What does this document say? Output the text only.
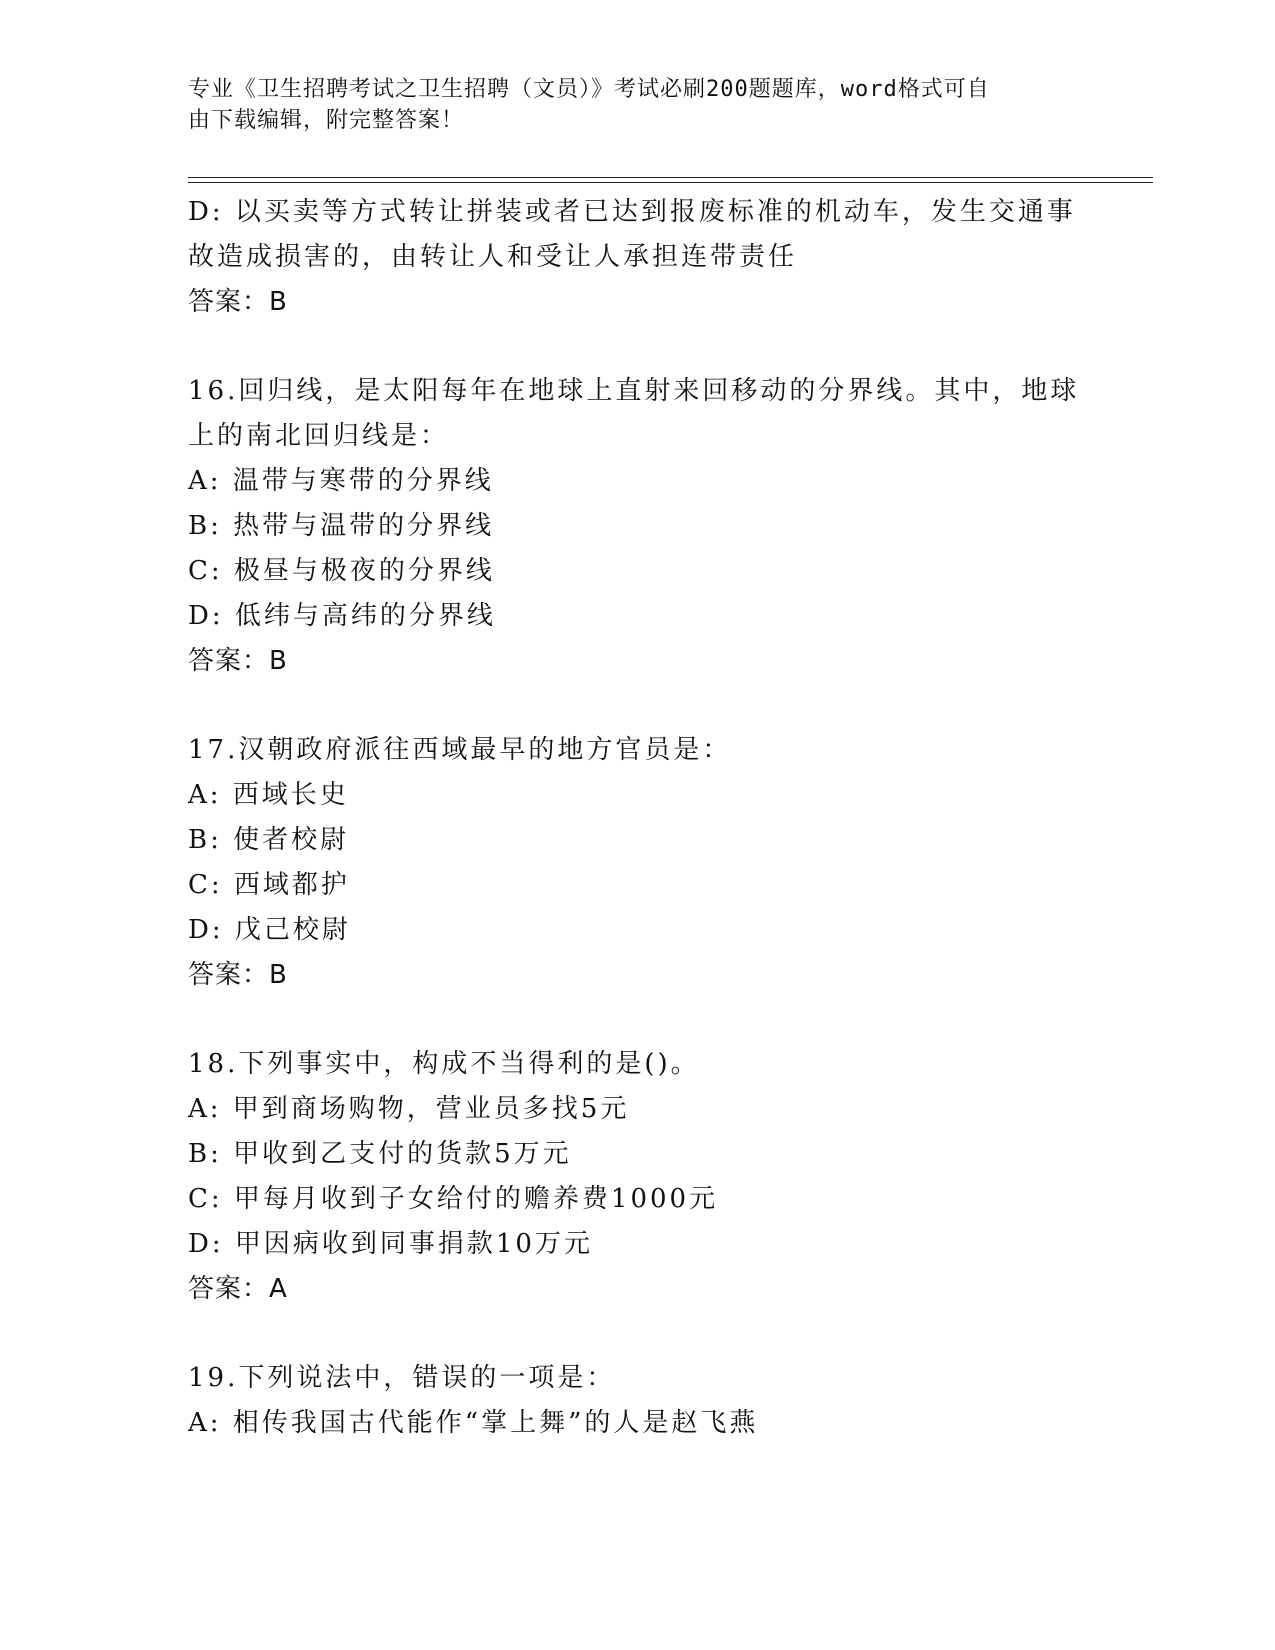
专业《卫生招聘考试之卫生招聘（文员）》考试必刷200题题库，word格式可自
由下载编辑，附完整答案！
D: 以买卖等方式转让拼装或者已达到报废标准的机动车，发生交通事
故造成损害的，由转让人和受让人承担连带责任
答案：B
16.回归线，是太阳每年在地球上直射来回移动的分界线。其中，地球
上的南北回归线是：
A: 温带与寒带的分界线
B: 热带与温带的分界线
C: 极昼与极夜的分界线
D: 低纬与高纬的分界线
答案：B
17.汉朝政府派往西域最早的地方官员是：
A: 西域长史
B: 使者校尉
C: 西域都护
D: 戊己校尉
答案：B
18.下列事实中，构成不当得利的是()。
A: 甲到商场购物，营业员多找5元
B: 甲收到乙支付的货款5万元
C: 甲每月收到子女给付的赡养费1000元
D: 甲因病收到同事捐款10万元
答案：A
19.下列说法中，错误的一项是：
A: 相传我国古代能作“掌上舞”的人是赵飞燕
